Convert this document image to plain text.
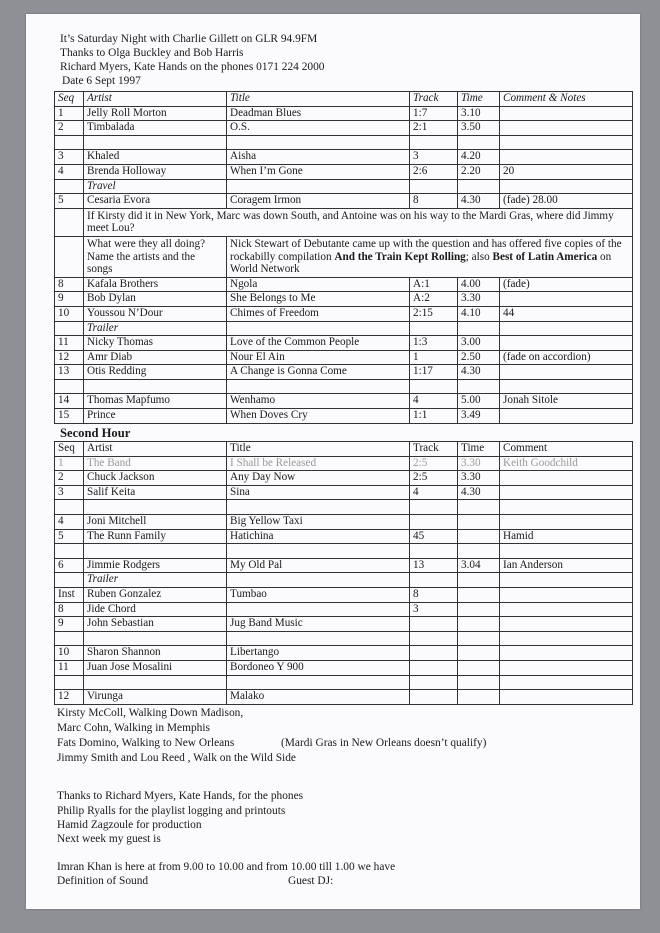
It’s Saturday Night with Charlie Gillett on GLR 94.9FM
Thanks to Olga Buckley and Bob Harris
Richard Myers, Kate Hands on the phones 0171 224 2000
Date 6 Sept 1997
Seq	Artist	Title	Track	Time	Comment & Notes
1	Jelly Roll Morton	Deadman Blues	1:7	3.10	
2	Timbalada	O.S.	2:1	3.50	

3	Khaled	Aisha	3	4.20	
4	Brenda Holloway	When I’m Gone	2:6	2.20	20
	Travel				
5	Cesaria Evora	Coragem Irmon	8	4.30	(fade) 28.00
	If Kirsty did it in New York, Marc was down South, and Antoine was on his way to the Mardi Gras, where did Jimmy meet Lou?				
	What were they all doing? Name the artists and the songs	Nick Stewart of Debutante came up with the question and has offered five copies of the rockabilly compilation And the Train Kept Rolling; also Best of Latin America on World Network			
8	Kafala Brothers	Ngola	A:1	4.00	(fade)
9	Bob Dylan	She Belongs to Me	A:2	3.30	
10	Youssou N’Dour	Chimes of Freedom	2:15	4.10	44
	Trailer				
11	Nicky Thomas	Love of the Common People	1:3	3.00	
12	Amr Diab	Nour El Ain	1	2.50	(fade on accordion)
13	Otis Redding	A Change is Gonna Come	1:17	4.30	

14	Thomas Mapfumo	Wenhamo	4	5.00	Jonah Sitole
15	Prince	When Doves Cry	1:1	3.49	
Second Hour
Seq	Artist	Title	Track	Time	Comment
1	The Band	I Shall be Released	2:5	3.30	Keith Goodchild
2	Chuck Jackson	Any Day Now	2:5	3.30	
3	Salif Keita	Sina	4	4.30	

4	Joni Mitchell	Big Yellow Taxi			
5	The Runn Family	Hatichina	45		Hamid

6	Jimmie Rodgers	My Old Pal	13	3.04	Ian Anderson
	Trailer				
Inst	Ruben Gonzalez	Tumbao	8		
8	Jide Chord		3		
9	John Sebastian	Jug Band Music			

10	Sharon Shannon	Libertango			
11	Juan Jose Mosalini	Bordoneo Y 900			

12	Virunga	Malako			
Kirsty McColl, Walking Down Madison,
Marc Cohn, Walking in Memphis
Fats Domino, Walking to New Orleans	(Mardi Gras in New Orleans doesn’t qualify)
Jimmy Smith and Lou Reed , Walk on the Wild Side
Thanks to Richard Myers, Kate Hands, for the phones
Philip Ryalls for the playlist logging and printouts
Hamid Zagzoule for production
Next week my guest is
Imran Khan is here at from 9.00 to 10.00 and from 10.00 till 1.00 we have
Definition of Sound	Guest DJ:
